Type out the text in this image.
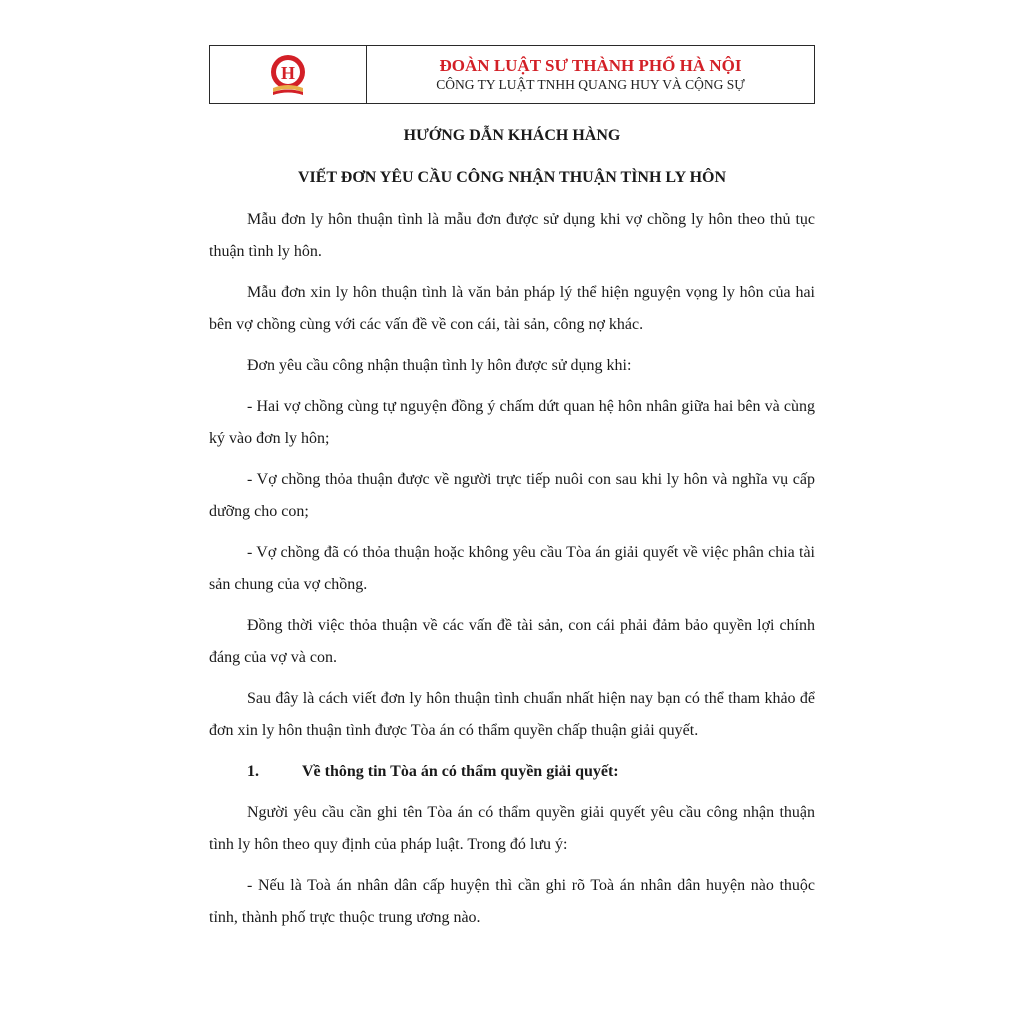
H	ĐOÀN LUẬT SƯ THÀNH PHỐ HÀ NỘI
CÔNG TY LUẬT TNHH QUANG HUY VÀ CỘNG SỰ
HƯỚNG DẪN KHÁCH HÀNG
VIẾT ĐƠN YÊU CẦU CÔNG NHẬN THUẬN TÌNH LY HÔN

Mẫu đơn ly hôn thuận tình là mẫu đơn được sử dụng khi vợ chồng ly hôn theo thủ tục thuận tình ly hôn.

Mẫu đơn xin ly hôn thuận tình là văn bản pháp lý thể hiện nguyện vọng ly hôn của hai bên vợ chồng cùng với các vấn đề về con cái, tài sản, công nợ khác.

Đơn yêu cầu công nhận thuận tình ly hôn được sử dụng khi:

- Hai vợ chồng cùng tự nguyện đồng ý chấm dứt quan hệ hôn nhân giữa hai bên và cùng ký vào đơn ly hôn;

- Vợ chồng thỏa thuận được về người trực tiếp nuôi con sau khi ly hôn và nghĩa vụ cấp dưỡng cho con;

- Vợ chồng đã có thỏa thuận hoặc không yêu cầu Tòa án giải quyết về việc phân chia tài sản chung của vợ chồng.

Đồng thời việc thỏa thuận về các vấn đề tài sản, con cái phải đảm bảo quyền lợi chính đáng của vợ và con.

Sau đây là cách viết đơn ly hôn thuận tình chuẩn nhất hiện nay bạn có thể tham khảo để đơn xin ly hôn thuận tình được Tòa án có thẩm quyền chấp thuận giải quyết.

1.	Về thông tin Tòa án có thẩm quyền giải quyết:

Người yêu cầu cần ghi tên Tòa án có thẩm quyền giải quyết yêu cầu công nhận thuận tình ly hôn theo quy định của pháp luật. Trong đó lưu ý:

- Nếu là Toà án nhân dân cấp huyện thì cần ghi rõ Toà án nhân dân huyện nào thuộc tỉnh, thành phố trực thuộc trung ương nào.
